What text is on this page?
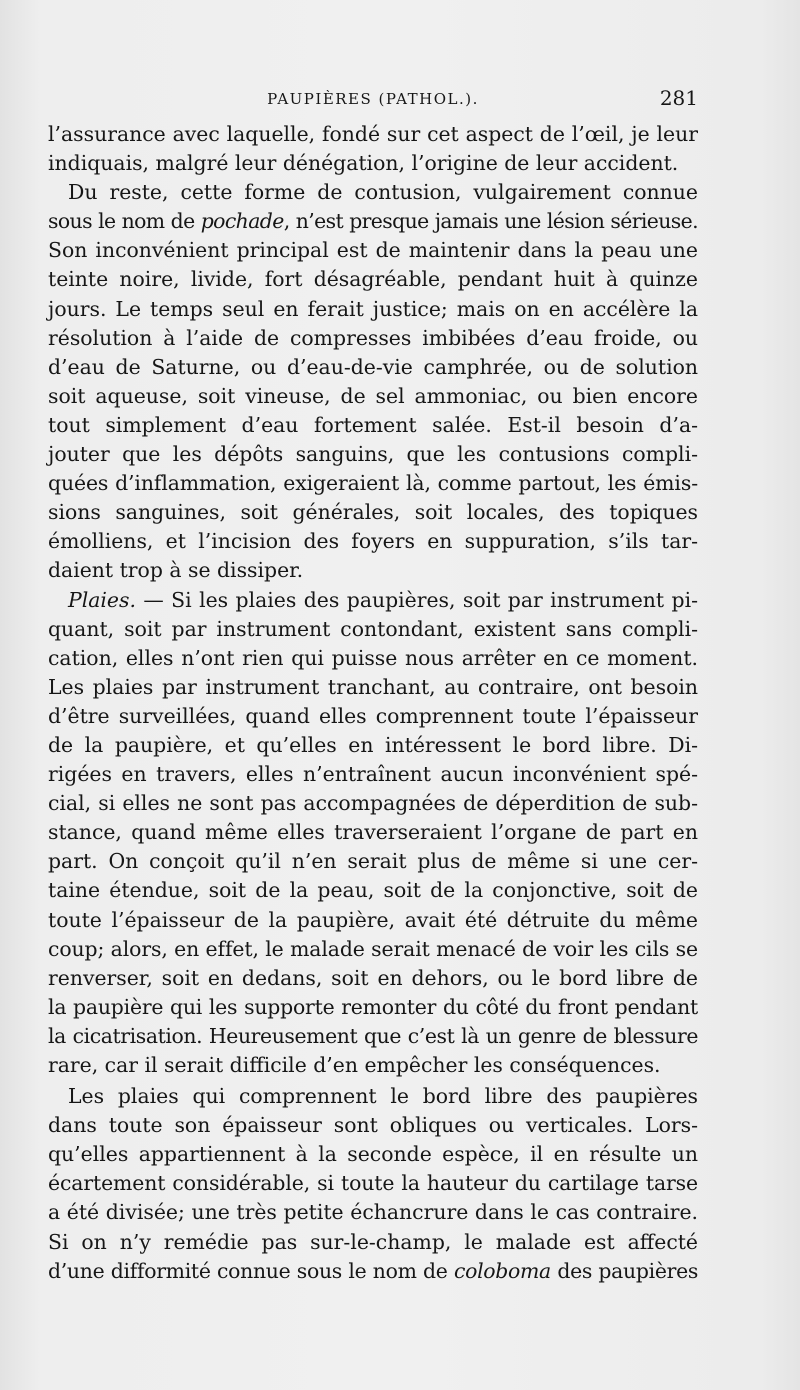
PAUPIÈRES (PATHOL.).	281
l’assurance avec laquelle, fondé sur cet aspect de l’œil, je leur
indiquais, malgré leur dénégation, l’origine de leur accident.
Du reste, cette forme de contusion, vulgairement connue
sous le nom de pochade, n’est presque jamais une lésion sérieuse.
Son inconvénient principal est de maintenir dans la peau une
teinte noire, livide, fort désagréable, pendant huit à quinze
jours. Le temps seul en ferait justice; mais on en accélère la
résolution à l’aide de compresses imbibées d’eau froide, ou
d’eau de Saturne, ou d’eau-de-vie camphrée, ou de solution
soit aqueuse, soit vineuse, de sel ammoniac, ou bien encore
tout simplement d’eau fortement salée. Est-il besoin d’a-
jouter que les dépôts sanguins, que les contusions compli-
quées d’inflammation, exigeraient là, comme partout, les émis-
sions sanguines, soit générales, soit locales, des topiques
émolliens, et l’incision des foyers en suppuration, s’ils tar-
daient trop à se dissiper.
Plaies. — Si les plaies des paupières, soit par instrument pi-
quant, soit par instrument contondant, existent sans compli-
cation, elles n’ont rien qui puisse nous arrêter en ce moment.
Les plaies par instrument tranchant, au contraire, ont besoin
d’être surveillées, quand elles comprennent toute l’épaisseur
de la paupière, et qu’elles en intéressent le bord libre. Di-
rigées en travers, elles n’entraînent aucun inconvénient spé-
cial, si elles ne sont pas accompagnées de déperdition de sub-
stance, quand même elles traverseraient l’organe de part en
part. On conçoit qu’il n’en serait plus de même si une cer-
taine étendue, soit de la peau, soit de la conjonctive, soit de
toute l’épaisseur de la paupière, avait été détruite du même
coup; alors, en effet, le malade serait menacé de voir les cils se
renverser, soit en dedans, soit en dehors, ou le bord libre de
la paupière qui les supporte remonter du côté du front pendant
la cicatrisation. Heureusement que c’est là un genre de blessure
rare, car il serait difficile d’en empêcher les conséquences.
Les plaies qui comprennent le bord libre des paupières
dans toute son épaisseur sont obliques ou verticales. Lors-
qu’elles appartiennent à la seconde espèce, il en résulte un
écartement considérable, si toute la hauteur du cartilage tarse
a été divisée; une très petite échancrure dans le cas contraire.
Si on n’y remédie pas sur-le-champ, le malade est affecté
d’une difformité connue sous le nom de coloboma des paupières
